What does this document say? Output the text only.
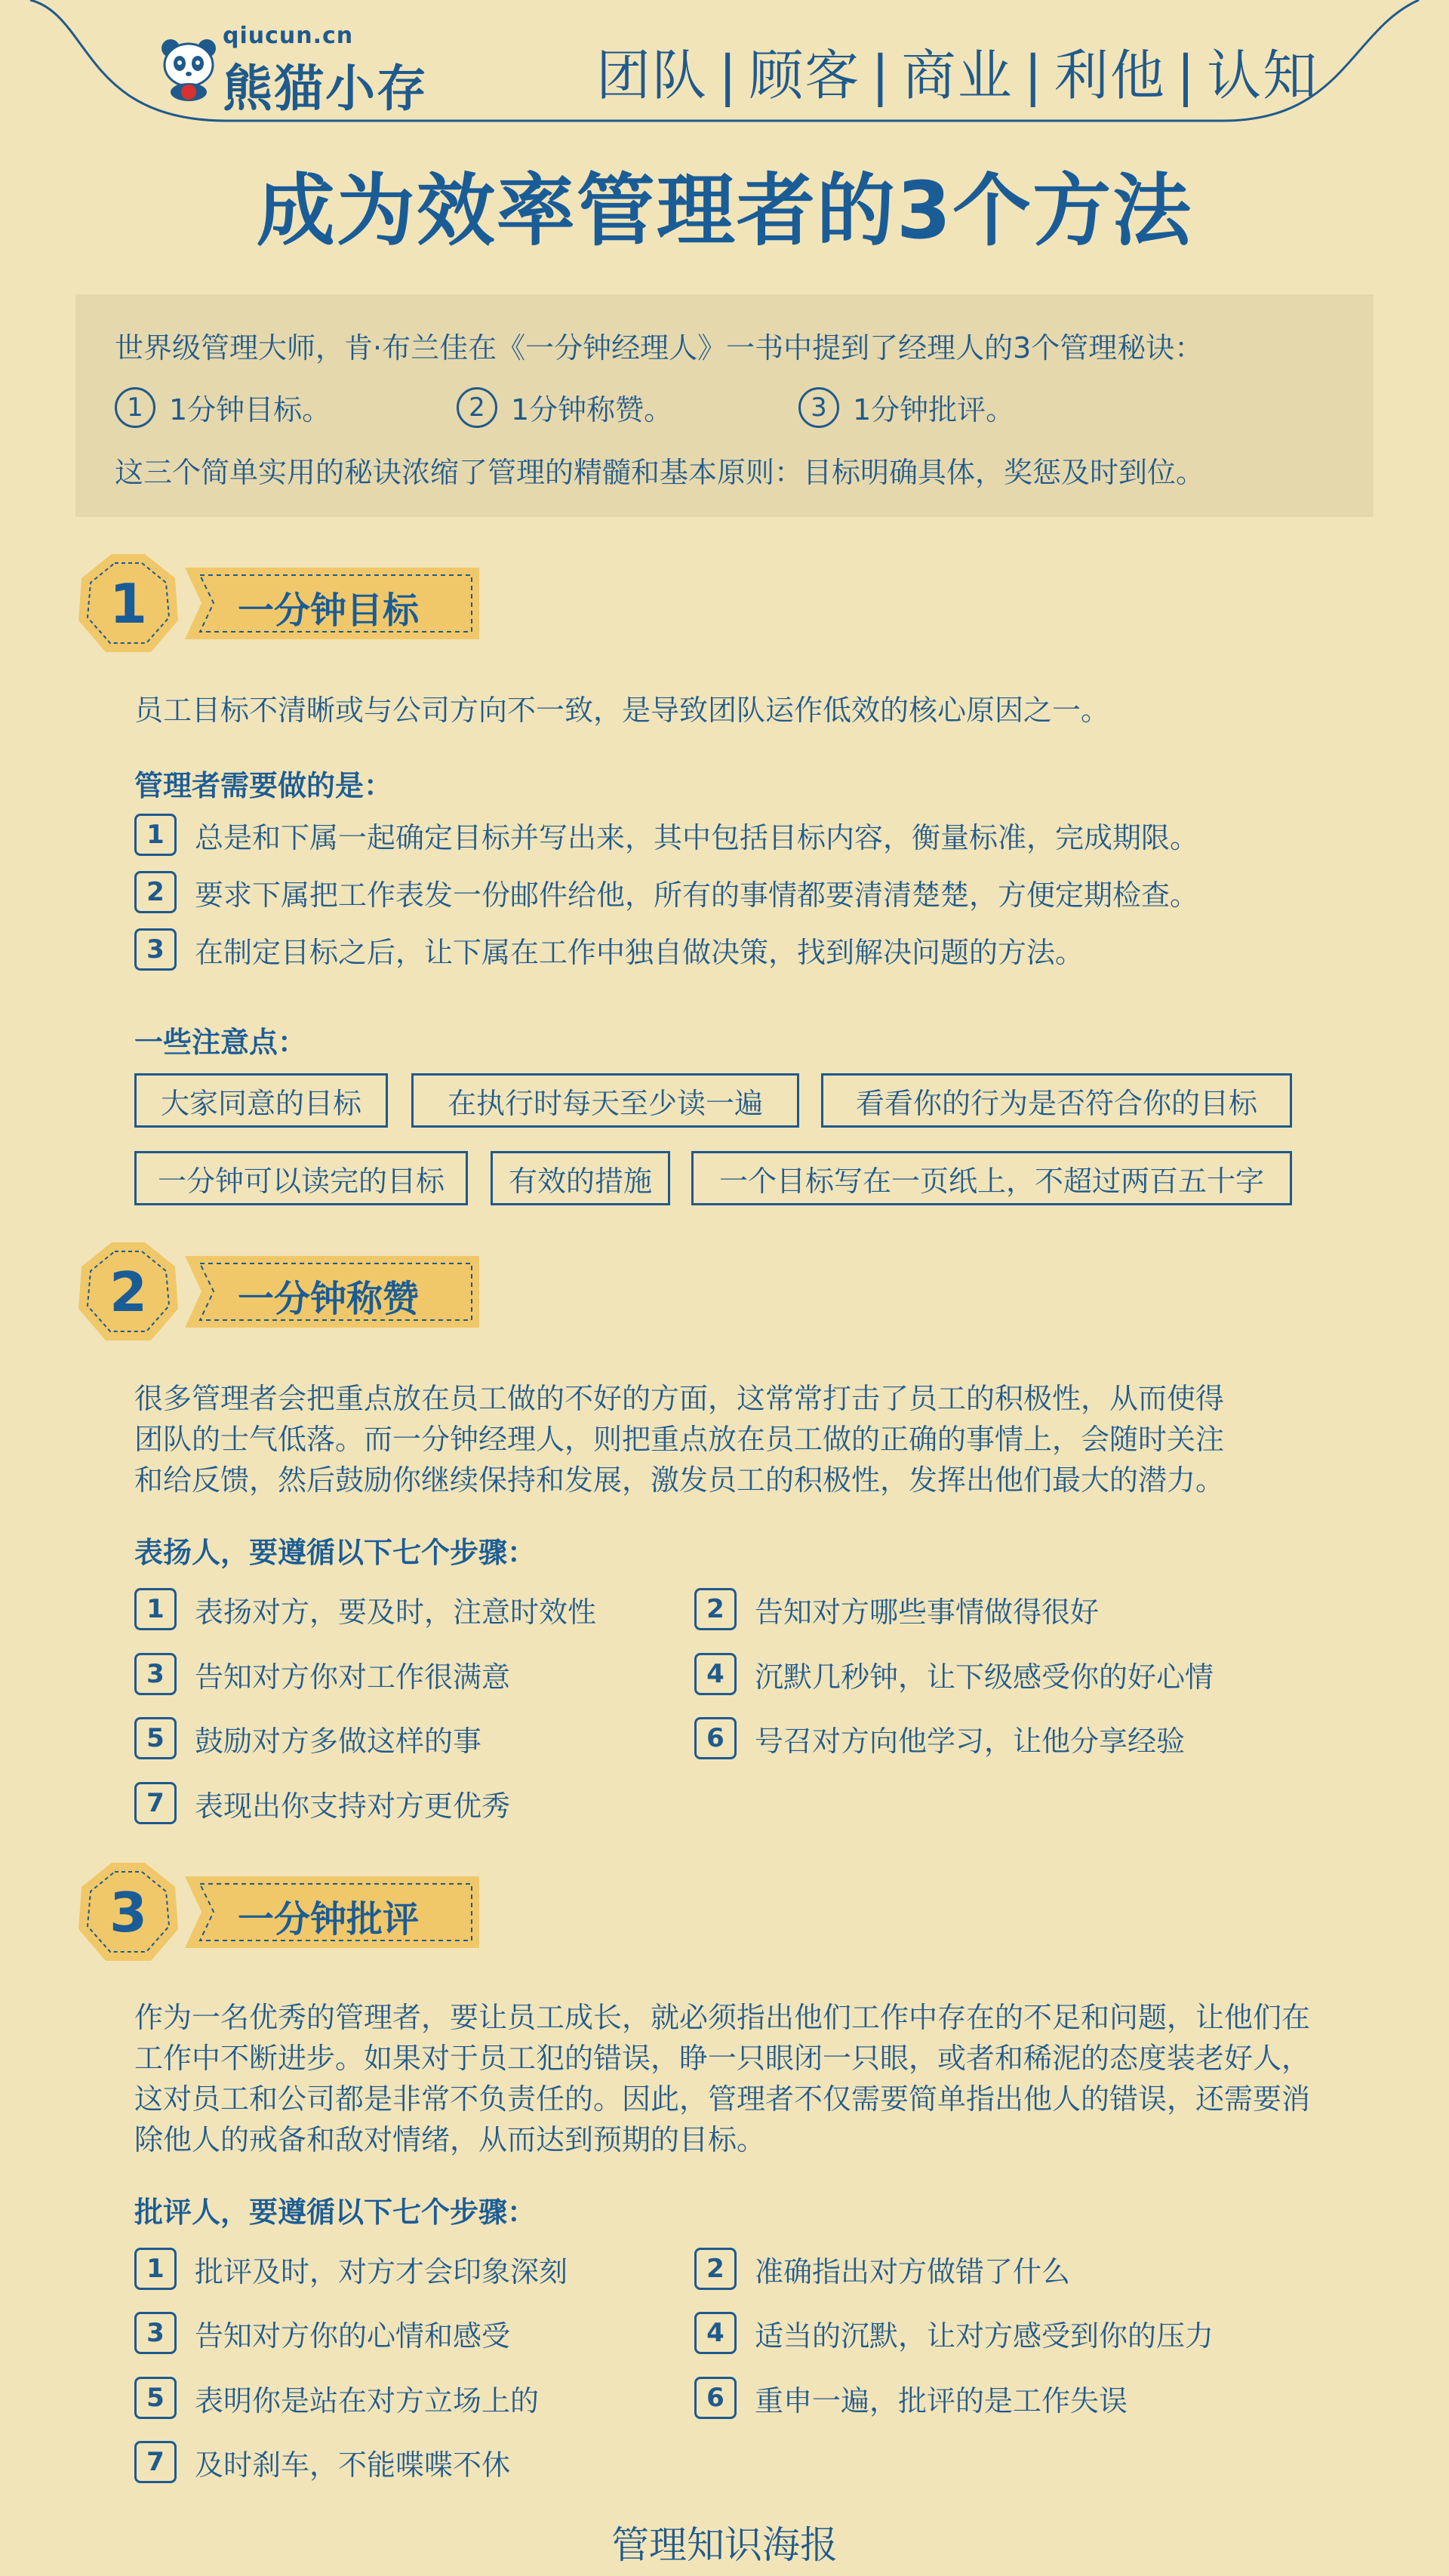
qiucun.cn
熊猫小存	团队 | 顾客 | 商业 | 利他 | 认知
成为效率管理者的3个方法
世界级管理大师，肯·布兰佳在《一分钟经理人》一书中提到了经理人的3个管理秘诀：
1 1分钟目标。	2 1分钟称赞。	3 1分钟批评。
这三个简单实用的秘诀浓缩了管理的精髓和基本原则：目标明确具体，奖惩及时到位。
1	一分钟目标
员工目标不清晰或与公司方向不一致，是导致团队运作低效的核心原因之一。
管理者需要做的是：
1	总是和下属一起确定目标并写出来，其中包括目标内容，衡量标准，完成期限。
2	要求下属把工作表发一份邮件给他，所有的事情都要清清楚楚，方便定期检查。
3	在制定目标之后，让下属在工作中独自做决策，找到解决问题的方法。
一些注意点：
大家同意的目标	在执行时每天至少读一遍	看看你的行为是否符合你的目标
一分钟可以读完的目标	有效的措施	一个目标写在一页纸上，不超过两百五十字
2	一分钟称赞
很多管理者会把重点放在员工做的不好的方面，这常常打击了员工的积极性，从而使得
团队的士气低落。而一分钟经理人，则把重点放在员工做的正确的事情上，会随时关注
和给反馈，然后鼓励你继续保持和发展，激发员工的积极性，发挥出他们最大的潜力。
表扬人，要遵循以下七个步骤：
1	表扬对方，要及时，注意时效性	2	告知对方哪些事情做得很好
3	告知对方你对工作很满意	4	沉默几秒钟，让下级感受你的好心情
5	鼓励对方多做这样的事	6	号召对方向他学习，让他分享经验
7	表现出你支持对方更优秀
3	一分钟批评
作为一名优秀的管理者，要让员工成长，就必须指出他们工作中存在的不足和问题，让他们在
工作中不断进步。如果对于员工犯的错误，睁一只眼闭一只眼，或者和稀泥的态度装老好人，
这对员工和公司都是非常不负责任的。因此，管理者不仅需要简单指出他人的错误，还需要消
除他人的戒备和敌对情绪，从而达到预期的目标。
批评人，要遵循以下七个步骤：
1	批评及时，对方才会印象深刻	2	准确指出对方做错了什么
3	告知对方你的心情和感受	4	适当的沉默，让对方感受到你的压力
5	表明你是站在对方立场上的	6	重申一遍，批评的是工作失误
7	及时刹车，不能喋喋不休
管理知识海报
